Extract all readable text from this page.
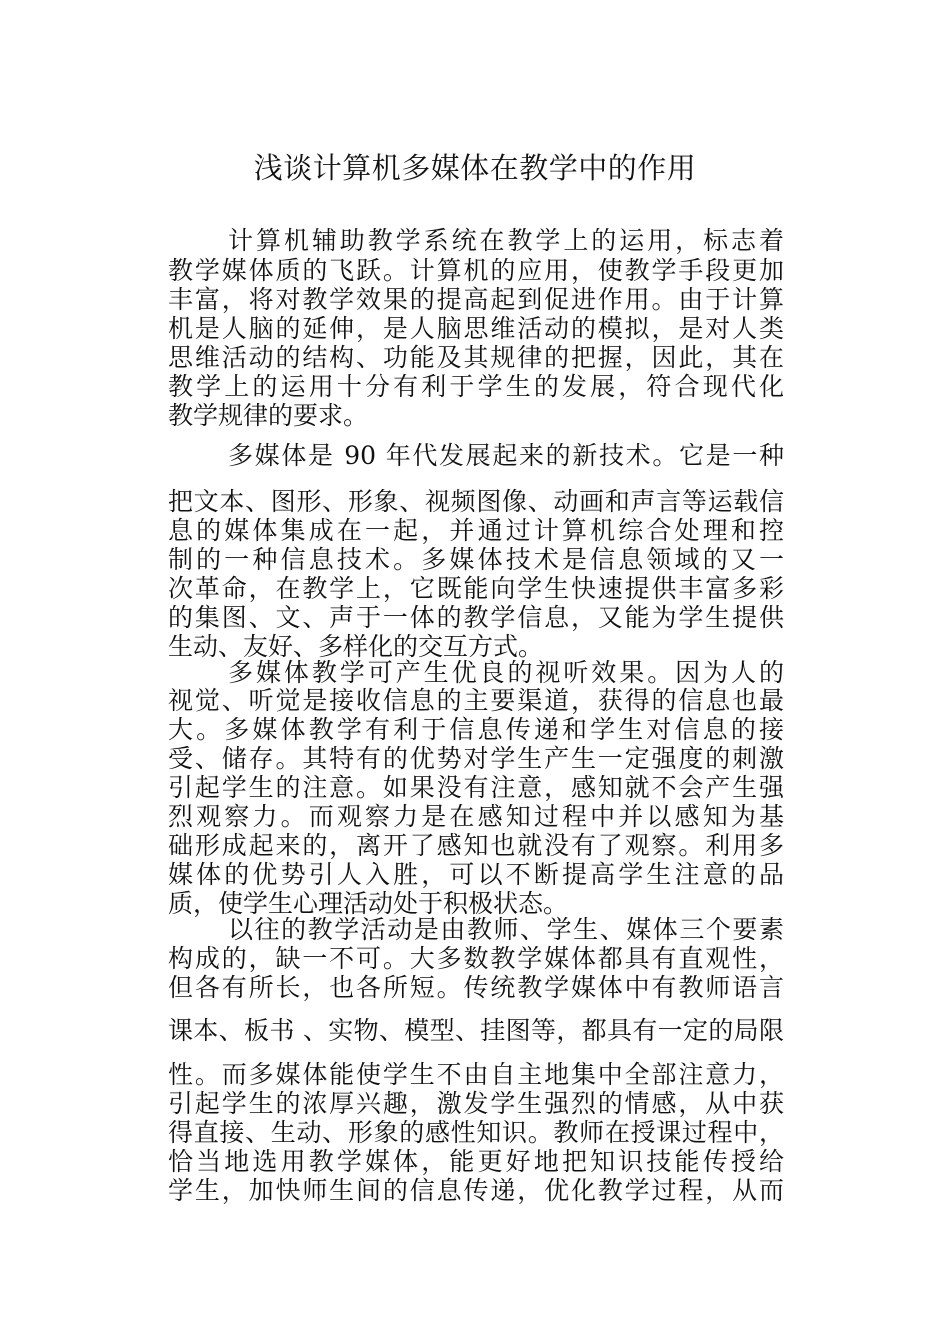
浅谈计算机多媒体在教学中的作用
计算机辅助教学系统在教学上的运用，标志着
教学媒体质的飞跃。计算机的应用，使教学手段更加
丰富，将对教学效果的提高起到促进作用。由于计算
机是人脑的延伸，是人脑思维活动的模拟，是对人类
思维活动的结构、功能及其规律的把握，因此，其在
教学上的运用十分有利于学生的发展，符合现代化
教学规律的要求。
多媒体是 90 年代发展起来的新技术。它是一种
把文本、图形、形象、视频图像、动画和声言等运载信
息的媒体集成在一起，并通过计算机综合处理和控
制的一种信息技术。多媒体技术是信息领域的又一
次革命，在教学上，它既能向学生快速提供丰富多彩
的集图、文、声于一体的教学信息，又能为学生提供
生动、友好、多样化的交互方式。
多媒体教学可产生优良的视听效果。因为人的
视觉、听觉是接收信息的主要渠道，获得的信息也最
大。多媒体教学有利于信息传递和学生对信息的接
受、储存。其特有的优势对学生产生一定强度的刺激
引起学生的注意。如果没有注意，感知就不会产生强
烈观察力。而观察力是在感知过程中并以感知为基
础形成起来的，离开了感知也就没有了观察。利用多
媒体的优势引人入胜，可以不断提高学生注意的品
质，使学生心理活动处于积极状态。
以往的教学活动是由教师、学生、媒体三个要素
构成的，缺一不可。大多数教学媒体都具有直观性，
但各有所长，也各所短。传统教学媒体中有教师语言
课本、板书 、实物、模型、挂图等，都具有一定的局限
性。而多媒体能使学生不由自主地集中全部注意力，
引起学生的浓厚兴趣，激发学生强烈的情感，从中获
得直接、生动、形象的感性知识。教师在授课过程中，
恰当地选用教学媒体，能更好地把知识技能传授给
学生，加快师生间的信息传递，优化教学过程，从而
